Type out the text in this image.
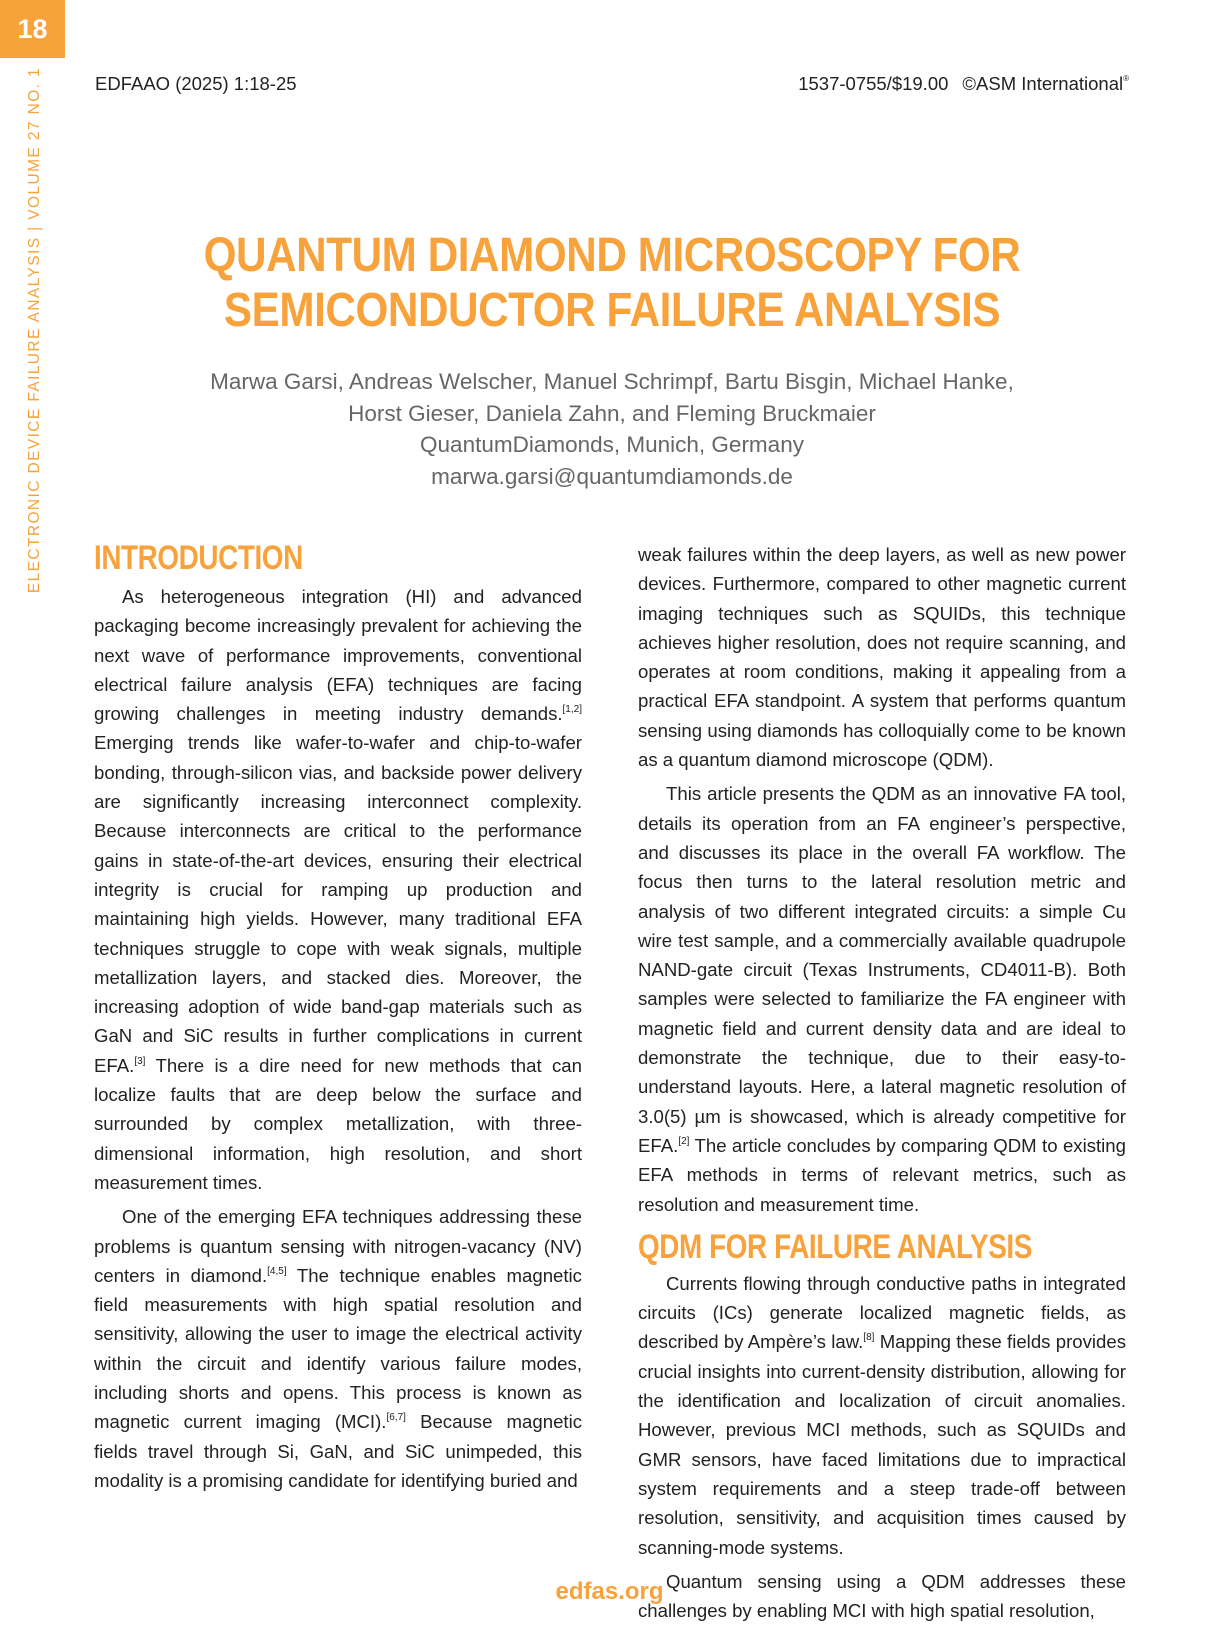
18
ELECTRONIC DEVICE FAILURE ANALYSIS | VOLUME 27 NO. 1	EDFAAO (2025) 1:18-25	1537-0755/$19.00 ©ASM International®
QUANTUM DIAMOND MICROSCOPY FOR
SEMICONDUCTOR FAILURE ANALYSIS
Marwa Garsi, Andreas Welscher, Manuel Schrimpf, Bartu Bisgin, Michael Hanke,
Horst Gieser, Daniela Zahn, and Fleming Bruckmaier
QuantumDiamonds, Munich, Germany
marwa.garsi@quantumdiamonds.de
INTRODUCTION

As heterogeneous integration (HI) and advanced packaging become increasingly prevalent for achieving the next wave of performance improvements, conventional electrical failure analysis (EFA) techniques are facing growing challenges in meeting industry demands.[1,2] Emerging trends like wafer-to-wafer and chip-to-wafer bonding, through-silicon vias, and backside power delivery are significantly increasing interconnect complexity. Because interconnects are critical to the performance gains in state-of-the-art devices, ensuring their electrical integrity is crucial for ramping up production and maintaining high yields. However, many traditional EFA techniques struggle to cope with weak signals, multiple metallization layers, and stacked dies. Moreover, the increasing adoption of wide band-gap materials such as GaN and SiC results in further complications in current EFA.[3] There is a dire need for new methods that can localize faults that are deep below the surface and surrounded by complex metallization, with three-dimensional information, high resolution, and short measurement times.

One of the emerging EFA techniques addressing these problems is quantum sensing with nitrogen-vacancy (NV) centers in diamond.[4,5] The technique enables magnetic field measurements with high spatial resolution and sensitivity, allowing the user to image the electrical activity within the circuit and identify various failure modes, including shorts and opens. This process is known as magnetic current imaging (MCI).[6,7] Because magnetic fields travel through Si, GaN, and SiC unimpeded, this modality is a promising candidate for identifying buried and

weak failures within the deep layers, as well as new power devices. Furthermore, compared to other magnetic current imaging techniques such as SQUIDs, this technique achieves higher resolution, does not require scanning, and operates at room conditions, making it appealing from a practical EFA standpoint. A system that performs quantum sensing using diamonds has colloquially come to be known as a quantum diamond microscope (QDM).

This article presents the QDM as an innovative FA tool, details its operation from an FA engineer’s perspective, and discusses its place in the overall FA workflow. The focus then turns to the lateral resolution metric and analysis of two different integrated circuits: a simple Cu wire test sample, and a commercially available quadrupole NAND-gate circuit (Texas Instruments, CD4011-B). Both samples were selected to familiarize the FA engineer with magnetic field and current density data and are ideal to demonstrate the technique, due to their easy-to-understand layouts. Here, a lateral magnetic resolution of 3.0(5) µm is showcased, which is already competitive for EFA.[2] The article concludes by comparing QDM to existing EFA methods in terms of relevant metrics, such as resolution and measurement time.

QDM FOR FAILURE ANALYSIS

Currents flowing through conductive paths in integrated circuits (ICs) generate localized magnetic fields, as described by Ampère’s law.[8] Mapping these fields provides crucial insights into current-density distribution, allowing for the identification and localization of circuit anomalies. However, previous MCI methods, such as SQUIDs and GMR sensors, have faced limitations due to impractical system requirements and a steep trade-off between resolution, sensitivity, and acquisition times caused by scanning-mode systems.

Quantum sensing using a QDM addresses these challenges by enabling MCI with high spatial resolution,

edfas.org
